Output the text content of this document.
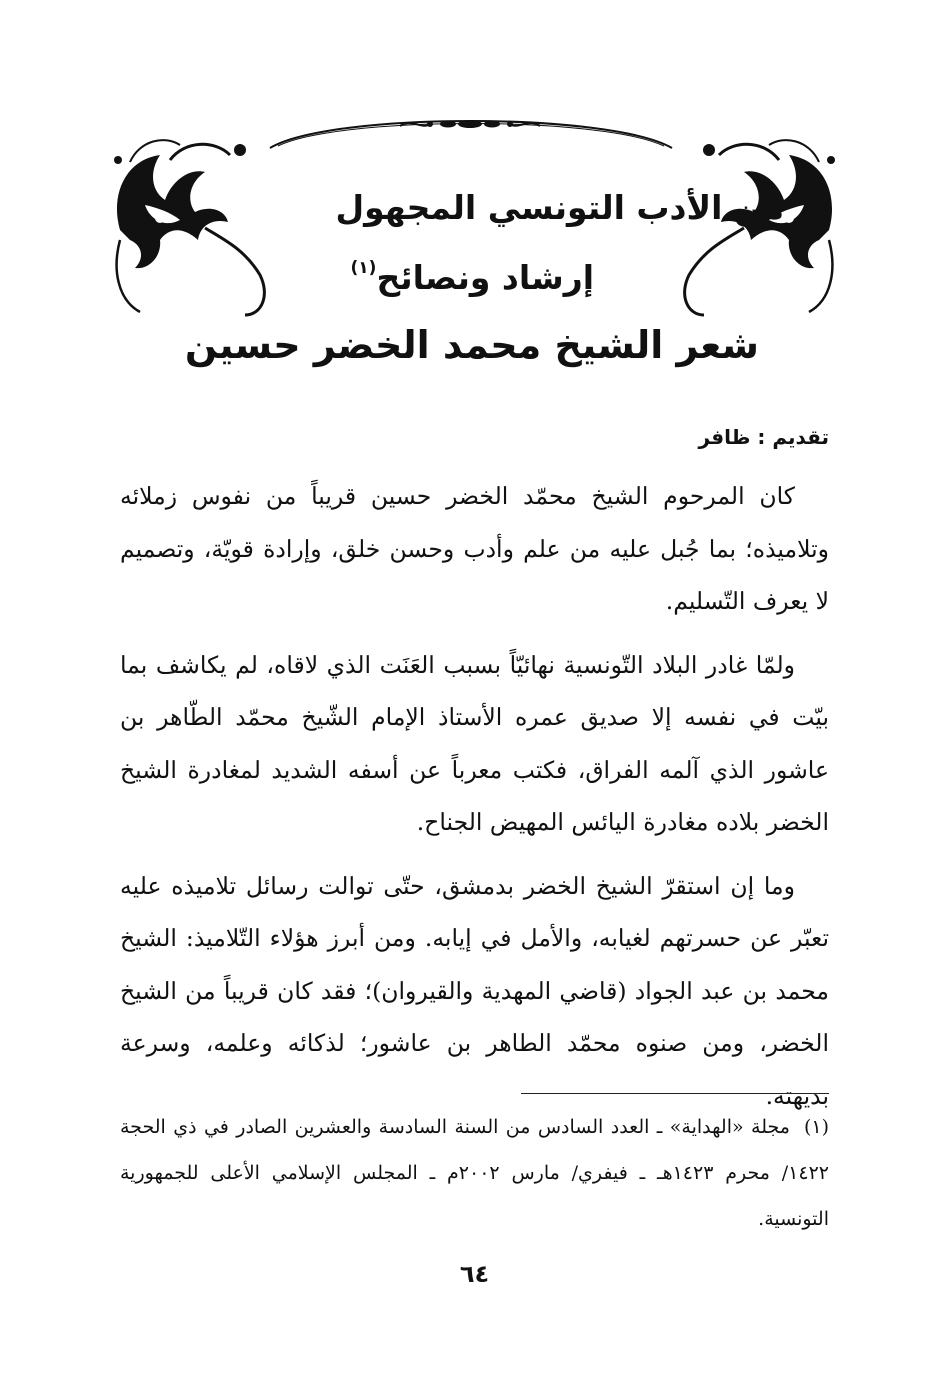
من الأدب التونسي المجهول
إرشاد ونصائح$^{(١)}$
شعر الشيخ محمد الخضر حسين
تقديم : ظافر

كان المرحوم الشيخ محمّد الخضر حسين قريباً من نفوس زملائه وتلاميذه؛ بما جُبل عليه من علم وأدب وحسن خلق، وإرادة قويّة، وتصميم لا يعرف التّسليم.

ولمّا غادر البلاد التّونسية نهائيّاً بسبب العَنَت الذي لاقاه، لم يكاشف بما بيّت في نفسه إلا صديق عمره الأستاذ الإمام الشّيخ محمّد الطّاهر بن عاشور الذي آلمه الفراق، فكتب معرباً عن أسفه الشديد لمغادرة الشيخ الخضر بلاده مغادرة اليائس المهيض الجناح.

وما إن استقرّ الشيخ الخضر بدمشق، حتّى توالت رسائل تلاميذه عليه تعبّر عن حسرتهم لغيابه، والأمل في إيابه. ومن أبرز هؤلاء التّلاميذ: الشيخ محمد بن عبد الجواد (قاضي المهدية والقيروان)؛ فقد كان قريباً من الشيخ الخضر، ومن صنوه محمّد الطاهر بن عاشور؛ لذكائه وعلمه، وسرعة بديهته.

(١)مجلة «الهداية» ـ العدد السادس من السنة السادسة والعشرين الصادر في ذي الحجة ١٤٢٢/ محرم ١٤٢٣هـ ـ فيفري/ مارس ٢٠٠٢م ـ المجلس الإسلامي الأعلى للجمهورية التونسية.
٦٤
